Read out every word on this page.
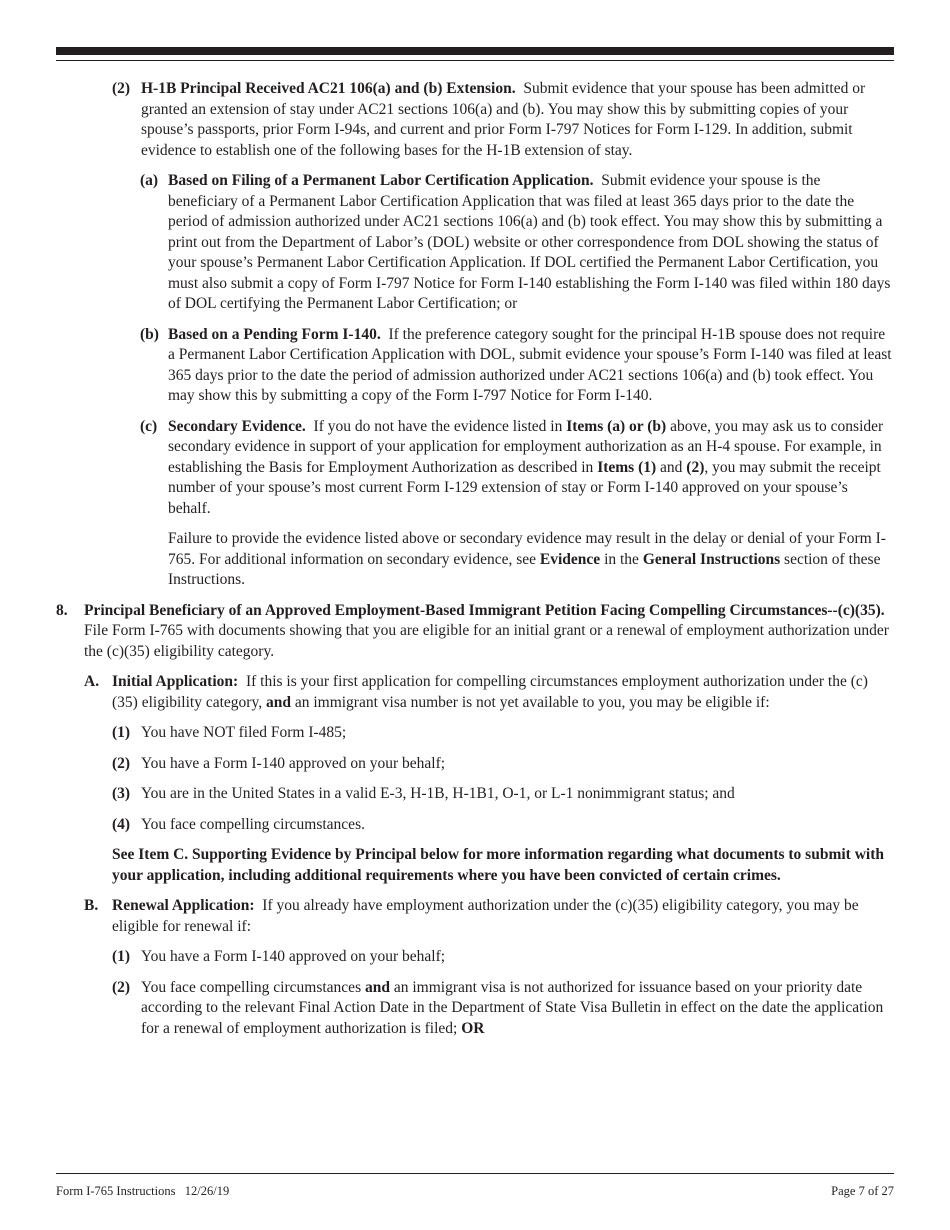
(2) H-1B Principal Received AC21 106(a) and (b) Extension. Submit evidence that your spouse has been admitted or granted an extension of stay under AC21 sections 106(a) and (b). You may show this by submitting copies of your spouse’s passports, prior Form I-94s, and current and prior Form I-797 Notices for Form I-129. In addition, submit evidence to establish one of the following bases for the H-1B extension of stay.
(a) Based on Filing of a Permanent Labor Certification Application. Submit evidence your spouse is the beneficiary of a Permanent Labor Certification Application that was filed at least 365 days prior to the date the period of admission authorized under AC21 sections 106(a) and (b) took effect. You may show this by submitting a print out from the Department of Labor’s (DOL) website or other correspondence from DOL showing the status of your spouse’s Permanent Labor Certification Application. If DOL certified the Permanent Labor Certification, you must also submit a copy of Form I-797 Notice for Form I-140 establishing the Form I-140 was filed within 180 days of DOL certifying the Permanent Labor Certification; or
(b) Based on a Pending Form I-140. If the preference category sought for the principal H-1B spouse does not require a Permanent Labor Certification Application with DOL, submit evidence your spouse’s Form I-140 was filed at least 365 days prior to the date the period of admission authorized under AC21 sections 106(a) and (b) took effect. You may show this by submitting a copy of the Form I-797 Notice for Form I-140.
(c) Secondary Evidence. If you do not have the evidence listed in Items (a) or (b) above, you may ask us to consider secondary evidence in support of your application for employment authorization as an H-4 spouse. For example, in establishing the Basis for Employment Authorization as described in Items (1) and (2), you may submit the receipt number of your spouse’s most current Form I-129 extension of stay or Form I-140 approved on your spouse’s behalf.
Failure to provide the evidence listed above or secondary evidence may result in the delay or denial of your Form I-765. For additional information on secondary evidence, see Evidence in the General Instructions section of these Instructions.
8. Principal Beneficiary of an Approved Employment-Based Immigrant Petition Facing Compelling Circumstances--(c)(35).  File Form I-765 with documents showing that you are eligible for an initial grant or a renewal of employment authorization under the (c)(35) eligibility category.
A. Initial Application: If this is your first application for compelling circumstances employment authorization under the (c)(35) eligibility category, and an immigrant visa number is not yet available to you, you may be eligible if:
(1) You have NOT filed Form I-485;
(2) You have a Form I-140 approved on your behalf;
(3) You are in the United States in a valid E-3, H-1B, H-1B1, O-1, or L-1 nonimmigrant status; and
(4) You face compelling circumstances.
See Item C. Supporting Evidence by Principal below for more information regarding what documents to submit with your application, including additional requirements where you have been convicted of certain crimes.
B. Renewal Application: If you already have employment authorization under the (c)(35) eligibility category, you may be eligible for renewal if:
(1) You have a Form I-140 approved on your behalf;
(2) You face compelling circumstances and an immigrant visa is not authorized for issuance based on your priority date according to the relevant Final Action Date in the Department of State Visa Bulletin in effect on the date the application for a renewal of employment authorization is filed; OR
Form I-765 Instructions   12/26/19	Page 7 of 27
